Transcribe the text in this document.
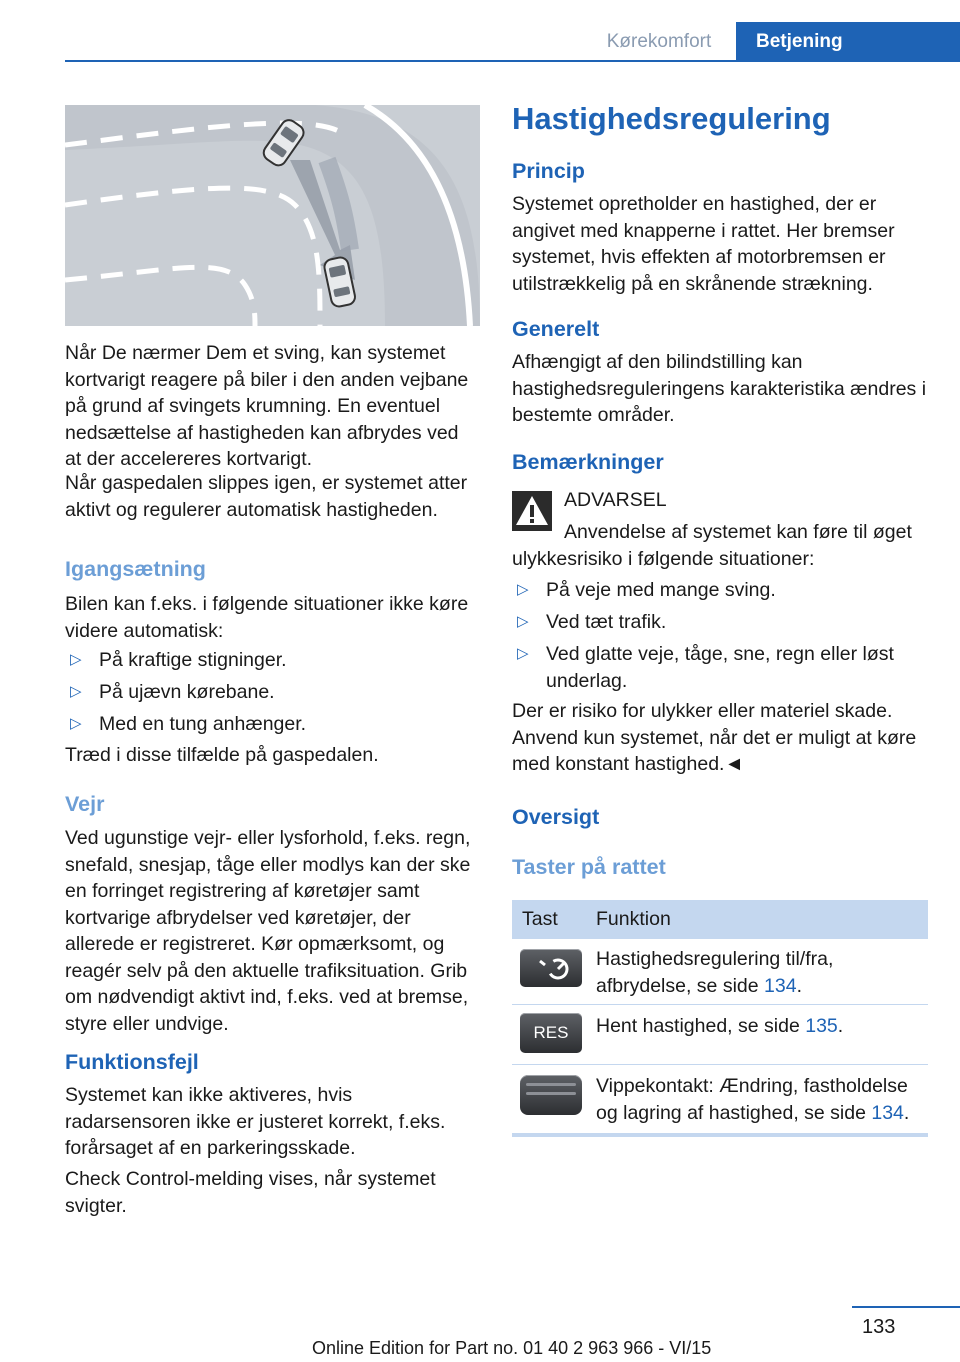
Kørekomfort	Betjening

Når De nærmer Dem et sving, kan systemet kortvarigt reagere på biler i den anden vejbane på grund af svingets krumning. En eventuel nedsættelse af hastigheden kan afbrydes ved at der accelereres kortvarigt.

Når gaspedalen slippes igen, er systemet atter aktivt og regulerer automatisk hastigheden.

Igangsætning

Bilen kan f.eks. i følgende situationer ikke køre videre automatisk:

▷ På kraftige stigninger.
▷ På ujævn kørebane.
▷ Med en tung anhænger.

Træd i disse tilfælde på gaspedalen.

Vejr

Ved ugunstige vejr- eller lysforhold, f.eks. regn, snefald, snesjap, tåge eller modlys kan der ske en forringet registrering af køretøjer samt kortvarige afbrydelser ved køretøjer, der allerede er registreret. Kør opmærksomt, og reagér selv på den aktuelle trafiksituation. Grib om nødvendigt aktivt ind, f.eks. ved at bremse, styre eller undvige.

Funktionsfejl

Systemet kan ikke aktiveres, hvis radarsensoren ikke er justeret korrekt, f.eks. forårsaget af en parkeringsskade.

Check Control-melding vises, når systemet svigter.

Hastighedsregulering
Princip

Systemet opretholder en hastighed, der er angivet med knapperne i rattet. Her bremser systemet, hvis effekten af motorbremsen er utilstrækkelig på en skrånende strækning.

Generelt

Afhængigt af den bilindstilling kan hastighedsreguleringens karakteristika ændres i bestemte områder.

Bemærkninger

ADVARSEL

Anvendelse af systemet kan føre til øget ulykkesrisiko i følgende situationer:

▷ På veje med mange sving.
▷ Ved tæt trafik.
▷ Ved glatte veje, tåge, sne, regn eller løst underlag.

Der er risiko for ulykker eller materiel skade. Anvend kun systemet, når det er muligt at køre med konstant hastighed.◄

Oversigt
Taster på rattet
Tast Funktion

Hastighedsregulering til/fra, afbrydelse, se side 134.

RES	Hent hastighed, se side 135.

Vippekontakt: Ændring, fastholdelse og lagring af hastighed, se side 134.

133
Online Edition for Part no. 01 40 2 963 966 - VI/15
